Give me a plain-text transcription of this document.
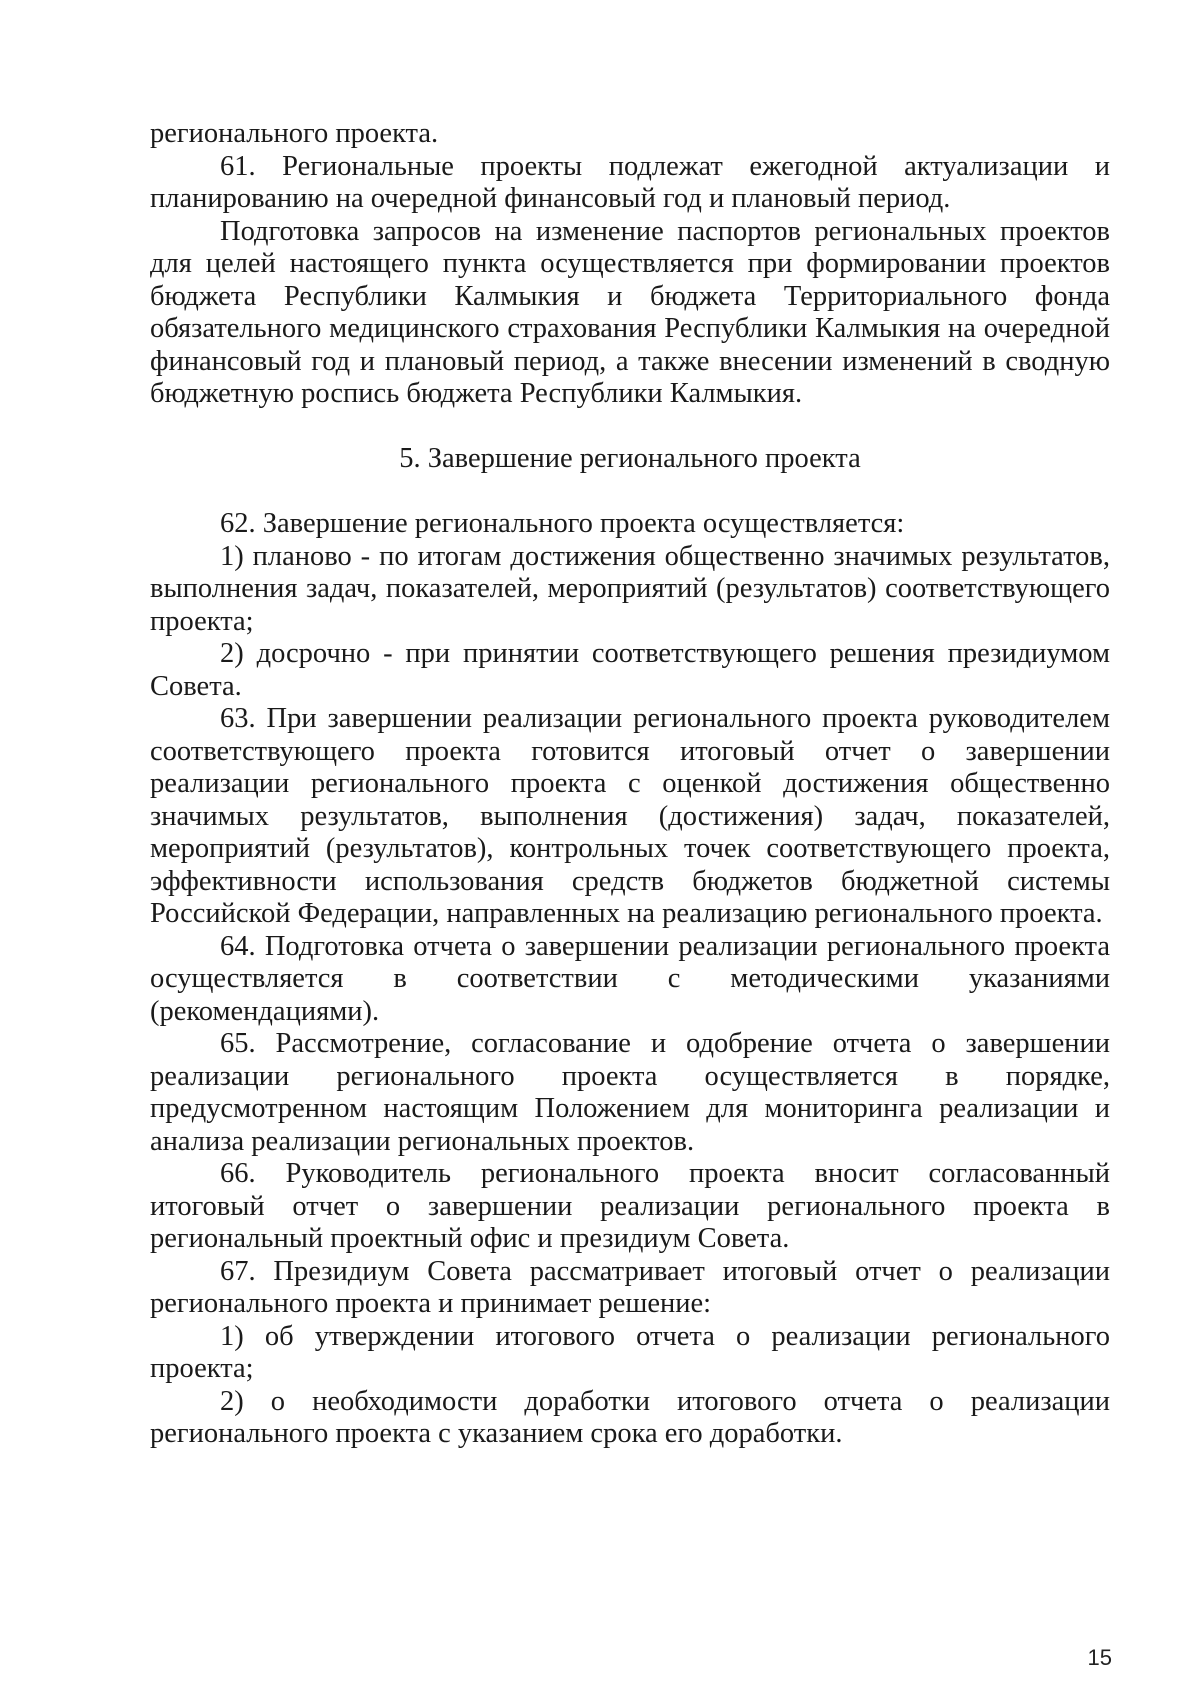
регионального проекта.

61. Региональные проекты подлежат ежегодной актуализации и планированию на очередной финансовый год и плановый период.

Подготовка запросов на изменение паспортов региональных проектов для целей настоящего пункта осуществляется при формировании проектов бюджета Республики Калмыкия и бюджета Территориального фонда обязательного медицинского страхования Республики Калмыкия на очередной финансовый год и плановый период, а также внесении изменений в сводную бюджетную роспись бюджета Республики Калмыкия.

5. Завершение регионального проекта

62. Завершение регионального проекта осуществляется:

1) планово - по итогам достижения общественно значимых результатов, выполнения задач, показателей, мероприятий (результатов) соответствующего проекта;

2) досрочно - при принятии соответствующего решения президиумом Совета.

63. При завершении реализации регионального проекта руководителем соответствующего проекта готовится итоговый отчет о завершении реализации регионального проекта с оценкой достижения общественно значимых результатов, выполнения (достижения) задач, показателей, мероприятий (результатов), контрольных точек соответствующего проекта, эффективности использования средств бюджетов бюджетной системы Российской Федерации, направленных на реализацию регионального проекта.

64. Подготовка отчета о завершении реализации регионального проекта осуществляется в соответствии с методическими указаниями (рекомендациями).

65. Рассмотрение, согласование и одобрение отчета о завершении реализации регионального проекта осуществляется в порядке, предусмотренном настоящим Положением для мониторинга реализации и анализа реализации региональных проектов.

66. Руководитель регионального проекта вносит согласованный итоговый отчет о завершении реализации регионального проекта в региональный проектный офис и президиум Совета.

67. Президиум Совета рассматривает итоговый отчет о реализации регионального проекта и принимает решение:

1) об утверждении итогового отчета о реализации регионального проекта;

2) о необходимости доработки итогового отчета о реализации регионального проекта с указанием срока его доработки.

15
